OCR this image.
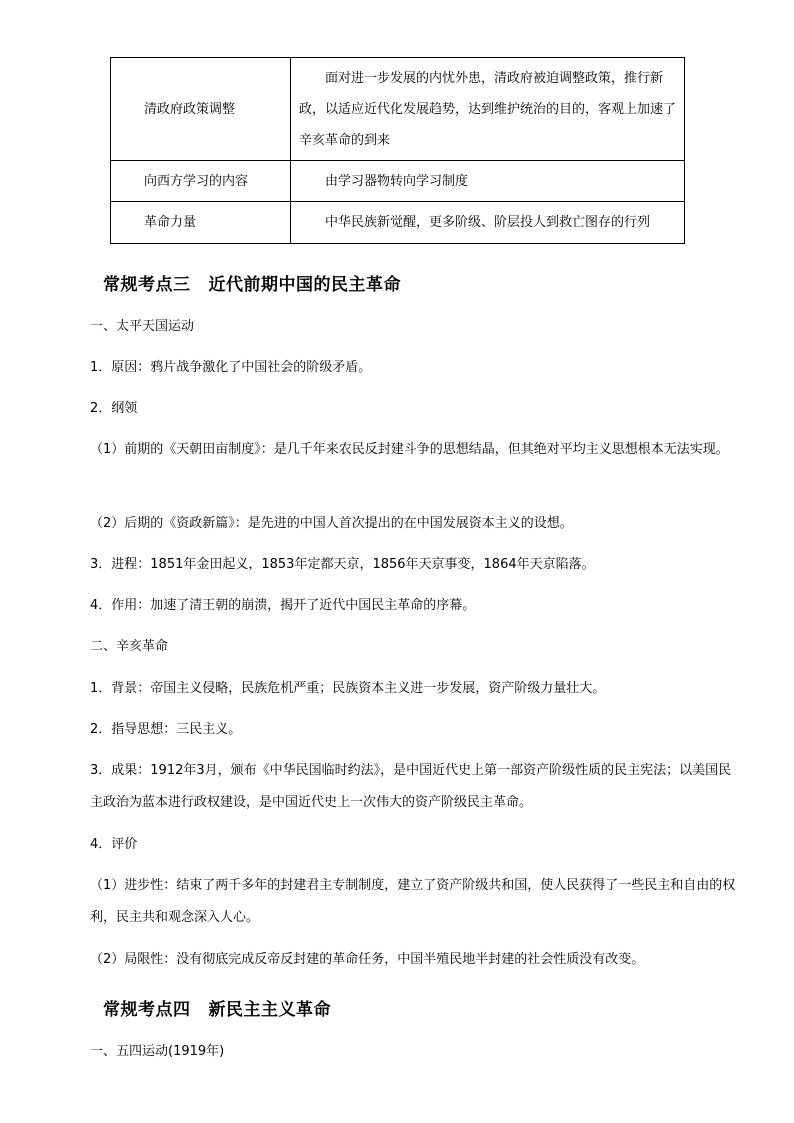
清政府政策调整	面对进一步发展的内忧外患，清政府被迫调整政策，推行新政，以适应近代化发展趋势，达到维护统治的目的，客观上加速了辛亥革命的到来
向西方学习的内容	由学习器物转向学习制度
革命力量	中华民族新觉醒，更多阶级、阶层投人到救亡图存的行列
常规考点三 近代前期中国的民主革命
一、太平天国运动
1．原因：鸦片战争激化了中国社会的阶级矛盾。
2．纲领
（1）前期的《天朝田亩制度》：是几千年来农民反封建斗争的思想结晶，但其绝对平均主义思想根本无法实现。
（2）后期的《资政新篇》：是先进的中国人首次提出的在中国发展资本主义的设想。
3．进程：1851年金田起义，1853年定都天京，1856年天京事变，1864年天京陷落。
4．作用：加速了清王朝的崩溃，揭开了近代中国民主革命的序幕。
二、辛亥革命
1．背景：帝国主义侵略，民族危机严重；民族资本主义进一步发展，资产阶级力量壮大。
2．指导思想：三民主义。
3．成果：1912年3月，颁布《中华民国临时约法》，是中国近代史上第一部资产阶级性质的民主宪法；以美国民主政治为蓝本进行政权建设，是中国近代史上一次伟大的资产阶级民主革命。
4．评价
（1）进步性：结束了两千多年的封建君主专制制度，建立了资产阶级共和国，使人民获得了一些民主和自由的权利，民主共和观念深入人心。
（2）局限性：没有彻底完成反帝反封建的革命任务，中国半殖民地半封建的社会性质没有改变。
常规考点四 新民主主义革命
一、五四运动(1919年)
